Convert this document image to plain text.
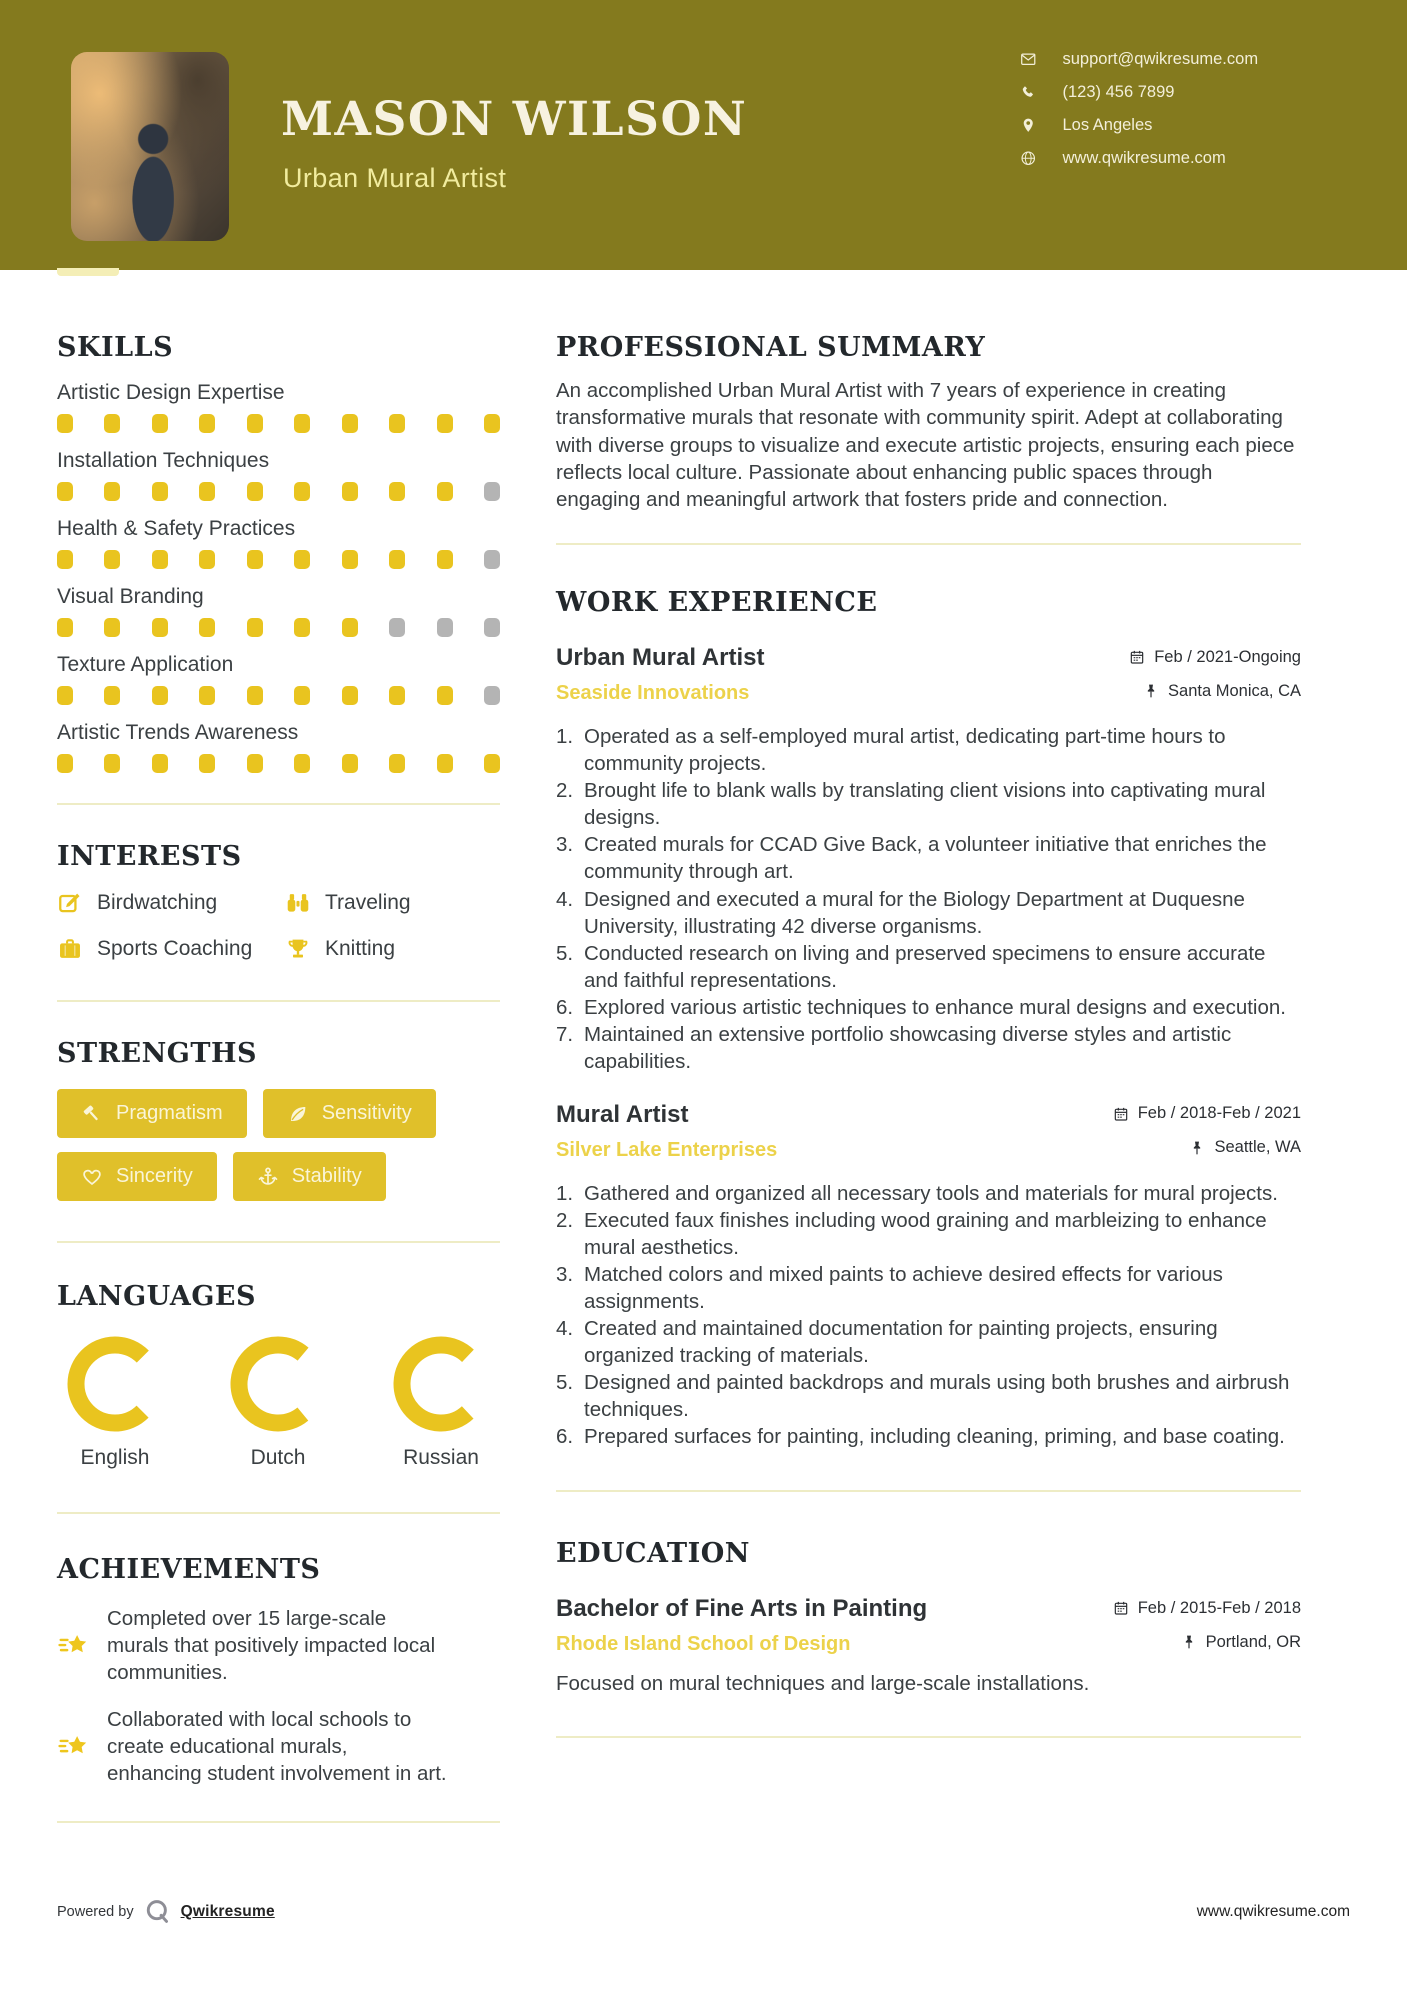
MASON WILSON
Urban Mural Artist
support@qwikresume.com
(123) 456 7899
Los Angeles
www.qwikresume.com
SKILLS
Artistic Design Expertise
Installation Techniques
Health & Safety Practices
Visual Branding
Texture Application
Artistic Trends Awareness
INTERESTS
Birdwatching	Traveling
Sports Coaching	Knitting
STRENGTHS
Pragmatism	Sensitivity
Sincerity	Stability
LANGUAGES
English	Dutch	Russian
ACHIEVEMENTS
Completed over 15 large-scale murals that positively impacted local communities.
Collaborated with local schools to create educational murals, enhancing student involvement in art.
PROFESSIONAL SUMMARY

An accomplished Urban Mural Artist with 7 years of experience in creating transformative murals that resonate with community spirit. Adept at collaborating with diverse groups to visualize and execute artistic projects, ensuring each piece reflects local culture. Passionate about enhancing public spaces through engaging and meaningful artwork that fosters pride and connection.

WORK EXPERIENCE
Urban Mural Artist	Feb / 2021-Ongoing
Seaside Innovations	Santa Monica, CA
Operated as a self-employed mural artist, dedicating part-time hours to community projects.
Brought life to blank walls by translating client visions into captivating mural designs.
Created murals for CCAD Give Back, a volunteer initiative that enriches the community through art.
Designed and executed a mural for the Biology Department at Duquesne University, illustrating 42 diverse organisms.
Conducted research on living and preserved specimens to ensure accurate and faithful representations.
Explored various artistic techniques to enhance mural designs and execution.
Maintained an extensive portfolio showcasing diverse styles and artistic capabilities.
Mural Artist	Feb / 2018-Feb / 2021
Silver Lake Enterprises	Seattle, WA
Gathered and organized all necessary tools and materials for mural projects.
Executed faux finishes including wood graining and marbleizing to enhance mural aesthetics.
Matched colors and mixed paints to achieve desired effects for various assignments.
Created and maintained documentation for painting projects, ensuring organized tracking of materials.
Designed and painted backdrops and murals using both brushes and airbrush techniques.
Prepared surfaces for painting, including cleaning, priming, and base coating.
EDUCATION
Bachelor of Fine Arts in Painting	Feb / 2015-Feb / 2018
Rhode Island School of Design	Portland, OR
Focused on mural techniques and large-scale installations.
Powered by	Qwikresume	www.qwikresume.com
